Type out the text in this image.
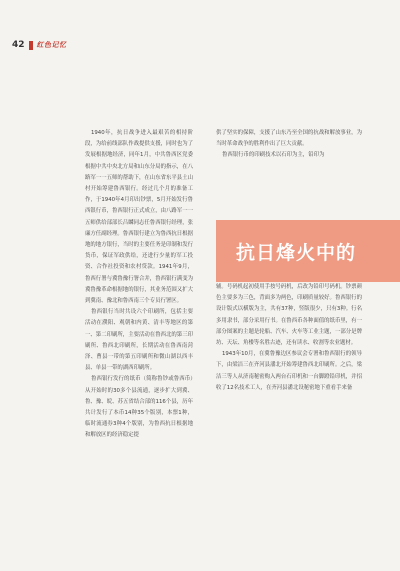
42 红色记忆

1940年，抗日战争进入最艰苦的相持阶段，为给前线部队作战提供支援，同时也为了发展根据地经济，同年1月，中共鲁西区党委根据中共中央北方局和山东分局的指示，在八路军一一五师的帮助下，在山东省东平县土山村开始筹建鲁西银行。经过几个月的准备工作，于1940年4月印出钞票，5月开始发行鲁西银行币，鲁西银行正式成立，由八路军一一五师供给部部长吕麟同志任鲁西银行经理，张廉方任副经理。鲁西银行建立为鲁西抗日根据地的地方银行，当时的主要任务是印制和发行货币，保证军政供给，还进行少量的军工投资、合作社投资和农村贷款。1941年9月，鲁西行署与冀鲁豫行署合并，鲁西银行满变为冀鲁豫革命根据地的银行，其业务范围又扩大到冀南、豫北和鲁西南三个专员行署区。

鲁西银行当时共设六个印刷所，包括主要活动在濮阳、观朝和内黄、清丰等地区的第一、第二印刷所，主要活动在鲁西北的第三印刷所、鲁西北印刷所，长期活动在鲁西南菏泽、曹县一带的第五印刷所和微山湖以西丰县、单县一带的湖西印刷所。

鲁西银行发行的纸币（简称鲁钞或鲁西币）从开始时的30多个县流通，逐步扩大到冀、鲁、豫、皖、苏五省结合部的116个县，历年共计发行了本币14种35个版别，本票1种，临时流通券3种4个版别，为鲁西抗日根据地和解放区的经济稳定提

供了坚实的保障，支援了山东乃至全国的抗战和解放事业，为当时革命战争的胜利作出了巨大贡献。

鲁西银行币的印刷技术以石印为主，铅印为

抗日烽火中的

辅。号码机起初使用手按号码机，后改为铅印号码机。钞票颜色主要多为三色，背面多为两色，印刷质量较好。鲁西银行的设计版式以横版为主，共有37种，竖版很少，只有3种。行名多用隶书，部分采用行书。在鲁西币各种面值的纸币里，有一部分图案的主题是轮船、汽车、火车等工业主题，一部分是牌坊、天坛、角楼等名胜古迹，还有读水、收割等农业题材。

1943年10月，在冀鲁豫边区参议会专署和鲁西银行的领导下，由梁洁三在齐河县潘北开始筹建鲁西北印刷所。之后，梁洁三等人从济南秘密购入两台石印机和一台脚蹬铅印机，并招收了12名技术工人，在齐河县潘北设秘密地下重看手来备
